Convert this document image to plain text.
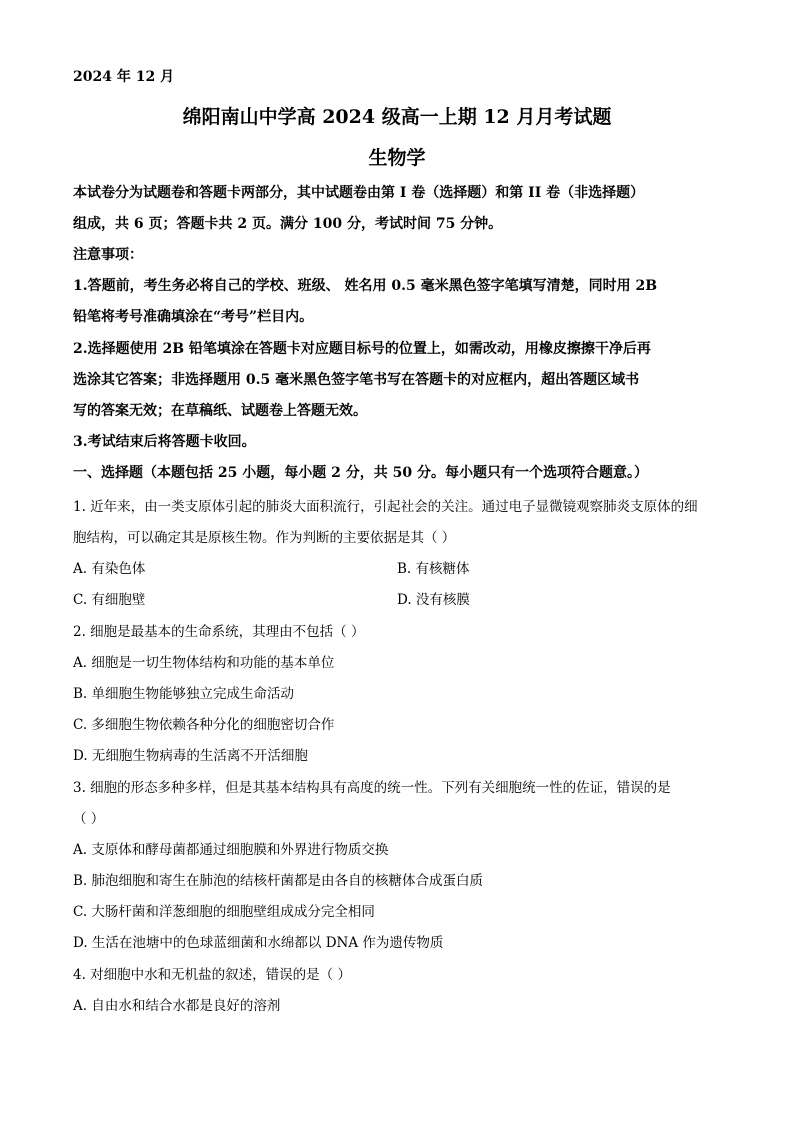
2024 年 12 月
绵阳南山中学高 2024 级高一上期 12 月月考试题
生物学
本试卷分为试题卷和答题卡两部分，其中试题卷由第 I 卷（选择题）和第 II 卷（非选择题）
组成，共 6 页；答题卡共 2 页。满分 100 分，考试时间 75 分钟。
注意事项：
1.答题前，考生务必将自己的学校、班级、 姓名用 0.5 毫米黑色签字笔填写清楚，同时用 2B
铅笔将考号准确填涂在“考号”栏目内。
2.选择题使用 2B 铅笔填涂在答题卡对应题目标号的位置上，如需改动，用橡皮擦擦干净后再
选涂其它答案；非选择题用 0.5 毫米黑色签字笔书写在答题卡的对应框内，超出答题区域书
写的答案无效；在草稿纸、试题卷上答题无效。
3.考试结束后将答题卡收回。
一、选择题（本题包括 25 小题，每小题 2 分，共 50 分。每小题只有一个选项符合题意。）
1. 近年来，由一类支原体引起的肺炎大面积流行，引起社会的关注。通过电子显微镜观察肺炎支原体的细
胞结构，可以确定其是原核生物。作为判断的主要依据是其（ ）
A. 有染色体	B. 有核糖体
C. 有细胞壁	D. 没有核膜
2. 细胞是最基本的生命系统，其理由不包括（ ）
A. 细胞是一切生物体结构和功能的基本单位
B. 单细胞生物能够独立完成生命活动
C. 多细胞生物依赖各种分化的细胞密切合作
D. 无细胞生物病毒的生活离不开活细胞
3. 细胞的形态多种多样，但是其基本结构具有高度的统一性。下列有关细胞统一性的佐证，错误的是
（ ）
A. 支原体和酵母菌都通过细胞膜和外界进行物质交换
B. 肺泡细胞和寄生在肺泡的结核杆菌都是由各自的核糖体合成蛋白质
C. 大肠杆菌和洋葱细胞的细胞壁组成成分完全相同
D. 生活在池塘中的色球蓝细菌和水绵都以 DNA 作为遗传物质
4. 对细胞中水和无机盐的叙述，错误的是（ ）
A. 自由水和结合水都是良好的溶剂
